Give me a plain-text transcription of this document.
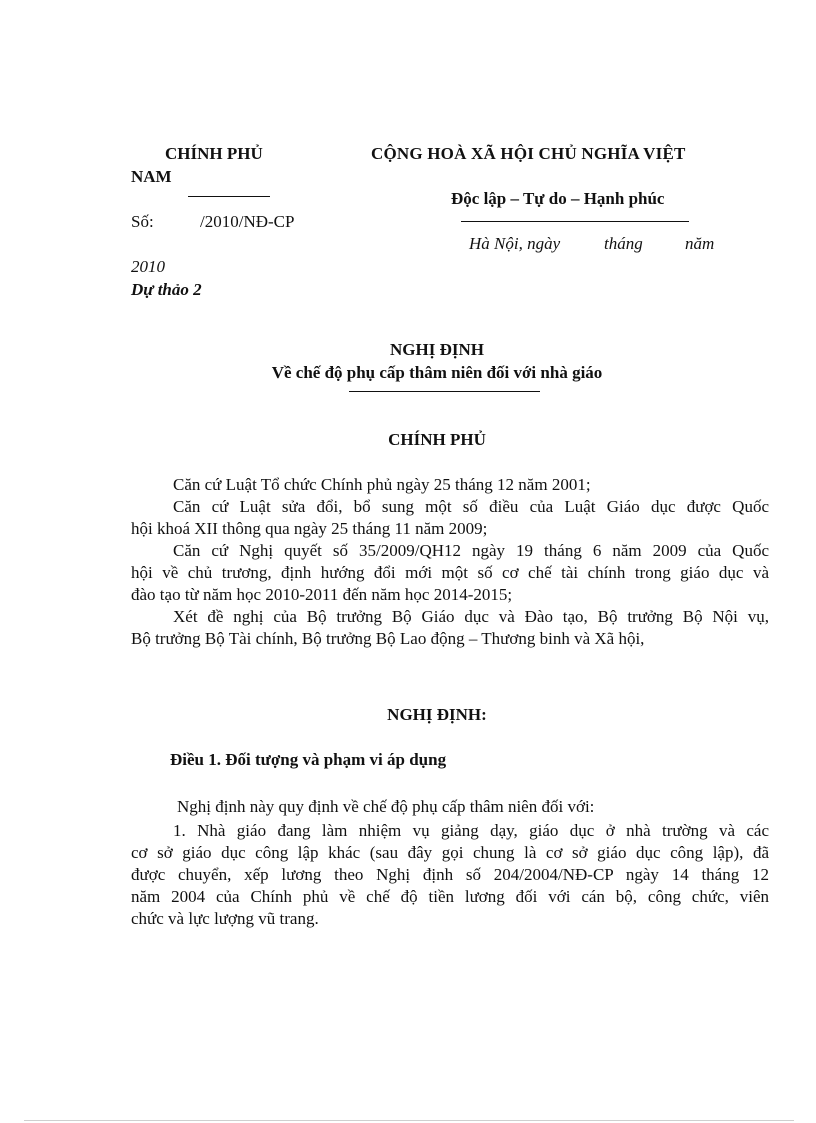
CHÍNH PHỦ	CỘNG HOÀ XÃ HỘI CHỦ NGHĨA VIỆT

NAM

Độc lập – Tự do – Hạnh phúc

Số:	/2010/NĐ-CP

Hà Nội, ngày	tháng năm

2010

Dự thảo 2

NGHỊ ĐỊNH

Về chế độ phụ cấp thâm niên đối với nhà giáo

CHÍNH PHỦ

Căn cứ Luật Tổ chức Chính phủ ngày 25 tháng 12 năm 2001;
Căn cứ Luật sửa đổi, bổ sung một số điều của Luật Giáo dục được Quốc
hội khoá XII thông qua ngày 25 tháng 11 năm 2009;
Căn cứ Nghị quyết số 35/2009/QH12 ngày 19 tháng 6 năm 2009 của Quốc
hội về chủ trương, định hướng đổi mới một số cơ chế tài chính trong giáo dục và
đào tạo từ năm học 2010-2011 đến năm học 2014-2015;
Xét đề nghị của Bộ trưởng Bộ Giáo dục và Đào tạo, Bộ trưởng Bộ Nội vụ,
Bộ trưởng Bộ Tài chính, Bộ trưởng Bộ Lao động – Thương binh và Xã hội,

NGHỊ ĐỊNH:

Điều 1. Đối tượng và phạm vi áp dụng

Nghị định này quy định về chế độ phụ cấp thâm niên đối với:

1. Nhà giáo đang làm nhiệm vụ giảng dạy, giáo dục ở nhà trường và các
cơ sở giáo dục công lập khác (sau đây gọi chung là cơ sở giáo dục công lập), đã
được chuyển, xếp lương theo Nghị định số 204/2004/NĐ-CP ngày 14 tháng 12
năm 2004 của Chính phủ về chế độ tiền lương đối với cán bộ, công chức, viên
chức và lực lượng vũ trang.
